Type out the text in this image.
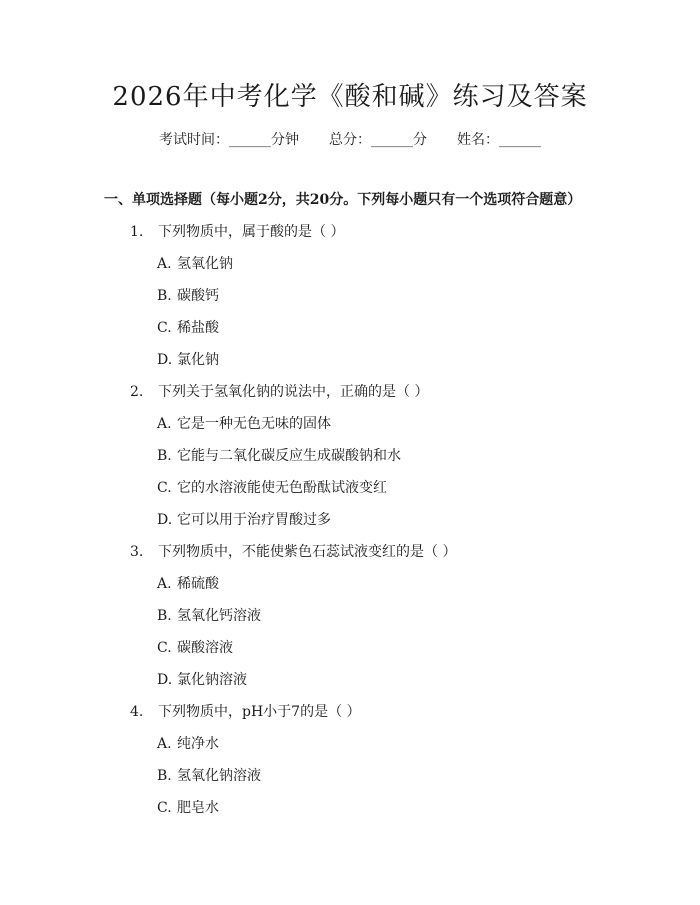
2026年中考化学《酸和碱》练习及答案
考试时间：______分钟 总分：______分 姓名：______
一、单项选择题（每小题2分，共20分。下列每小题只有一个选项符合题意）
1. 下列物质中，属于酸的是（ ）
A. 氢氧化钠
B. 碳酸钙
C. 稀盐酸
D. 氯化钠
2. 下列关于氢氧化钠的说法中，正确的是（ ）
A. 它是一种无色无味的固体
B. 它能与二氧化碳反应生成碳酸钠和水
C. 它的水溶液能使无色酚酞试液变红
D. 它可以用于治疗胃酸过多
3. 下列物质中，不能使紫色石蕊试液变红的是（ ）
A. 稀硫酸
B. 氢氧化钙溶液
C. 碳酸溶液
D. 氯化钠溶液
4. 下列物质中，pH小于7的是（ ）
A. 纯净水
B. 氢氧化钠溶液
C. 肥皂水
